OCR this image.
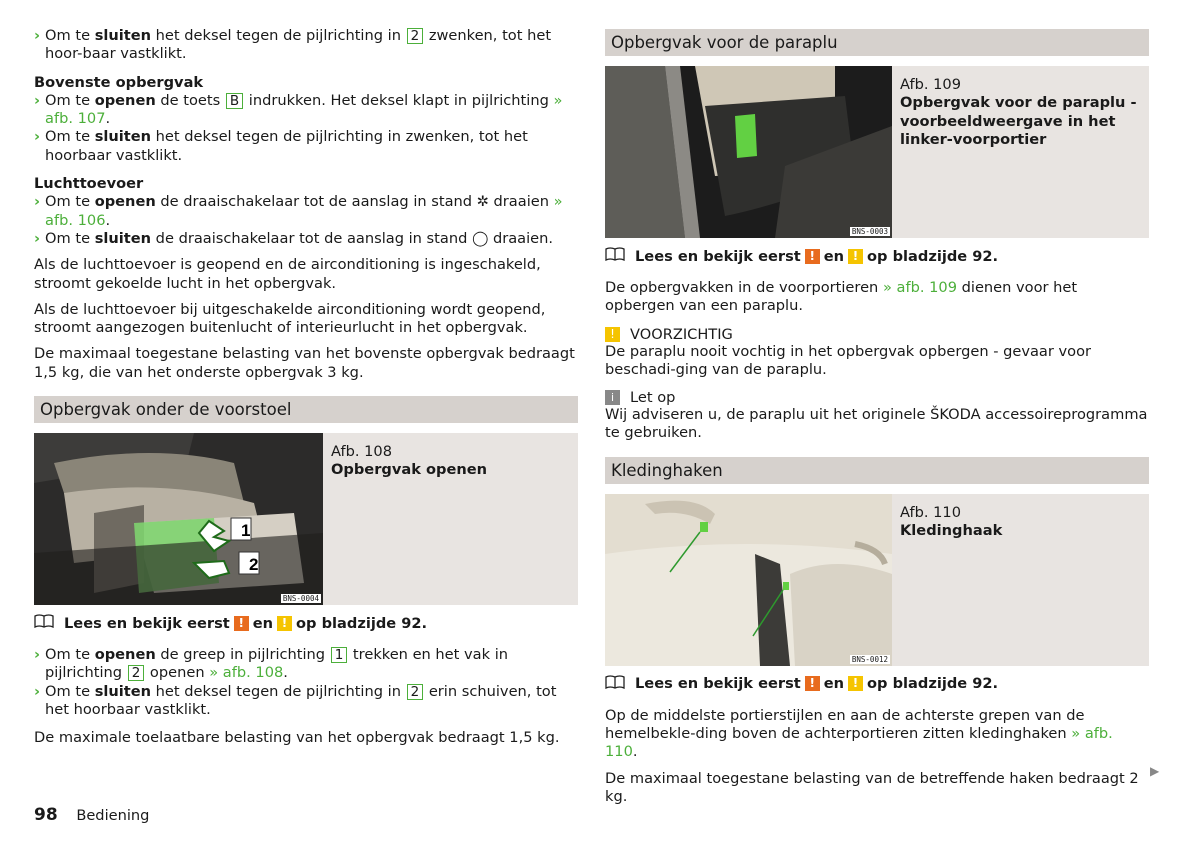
› Om te sluiten het deksel tegen de pijlrichting in 2 zwenken, tot het hoor-baar vastklikt.

Bovenste opbergvak

› Om te openen de toets B indrukken. Het deksel klapt in pijlrichting » afb. 107.
› Om te sluiten het deksel tegen de pijlrichting in zwenken, tot het hoorbaar vastklikt.

Luchttoevoer

› Om te openen de draaischakelaar tot de aanslag in stand ✲ draaien » afb. 106.
› Om te sluiten de draaischakelaar tot de aanslag in stand ◯ draaien.

Als de luchttoevoer is geopend en de airconditioning is ingeschakeld, stroomt gekoelde lucht in het opbergvak.

Als de luchttoevoer bij uitgeschakelde airconditioning wordt geopend, stroomt aangezogen buitenlucht of interieurlucht in het opbergvak.

De maximaal toegestane belasting van het bovenste opbergvak bedraagt 1,5 kg, die van het onderste opbergvak 3 kg.

Opbergvak onder de voorstoel
1
2
BNS-0004
Afb. 108
Opbergvak openen
Lees en bekijk eerst ! en ! op bladzijde 92.
› Om te openen de greep in pijlrichting 1 trekken en het vak in pijlrichting 2 openen » afb. 108.
› Om te sluiten het deksel tegen de pijlrichting in 2 erin schuiven, tot het hoorbaar vastklikt.

De maximale toelaatbare belasting van het opbergvak bedraagt 1,5 kg.

Opbergvak voor de paraplu
BNS-0003
Afb. 109
Opbergvak voor de paraplu - voorbeeldweergave in het linker-voorportier
Lees en bekijk eerst ! en ! op bladzijde 92.

De opbergvakken in de voorportieren » afb. 109 dienen voor het opbergen van een paraplu.

!	VOORZICHTIG

De paraplu nooit vochtig in het opbergvak opbergen - gevaar voor beschadi-ging van de paraplu.

i	Let op

Wij adviseren u, de paraplu uit het originele ŠKODA accessoireprogramma te gebruiken.

Kledinghaken
BNS-0012
Afb. 110
Kledinghaak
Lees en bekijk eerst ! en ! op bladzijde 92.

Op de middelste portierstijlen en aan de achterste grepen van de hemelbekle-ding boven de achterportieren zitten kledinghaken » afb. 110.

De maximaal toegestane belasting van de betreffende haken bedraagt 2 kg.

▶
98 Bediening
